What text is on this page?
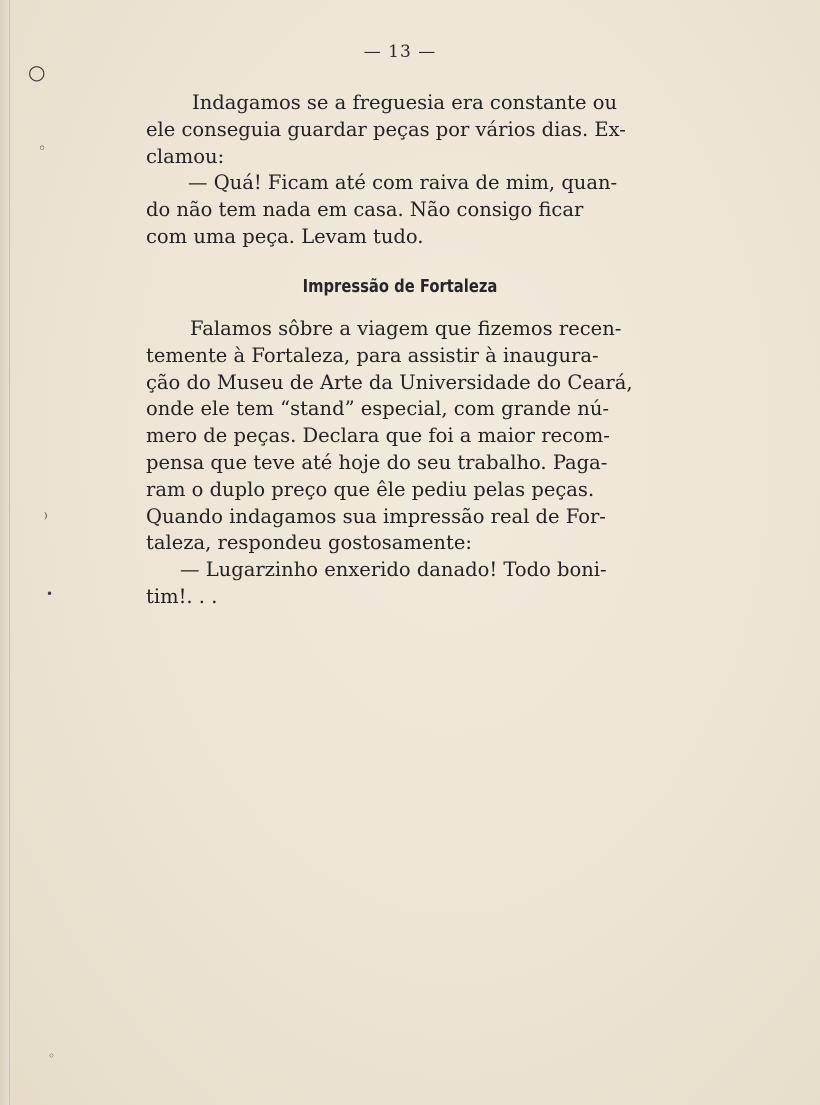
○
͏◦
⁾
•
◦

— 13 —

Indagamos se a freguesia era constante ou
ele conseguia guardar peças por vários dias. Ex-
clamou:
— Quá! Ficam até com raiva de mim, quan-
do não tem nada em casa. Não consigo ficar
com uma peça. Levam tudo.
Impressão de Fortaleza
Falamos sôbre a viagem que fizemos recen-
temente à Fortaleza, para assistir à inaugura-
ção do Museu de Arte da Universidade do Ceará,
onde ele tem “stand” especial, com grande nú-
mero de peças. Declara que foi a maior recom-
pensa que teve até hoje do seu trabalho. Paga-
ram o duplo preço que êle pediu pelas peças.
Quando indagamos sua impressão real de For-
taleza, respondeu gostosamente:
— Lugarzinho enxerido danado! Todo boni-
tim!. . .
